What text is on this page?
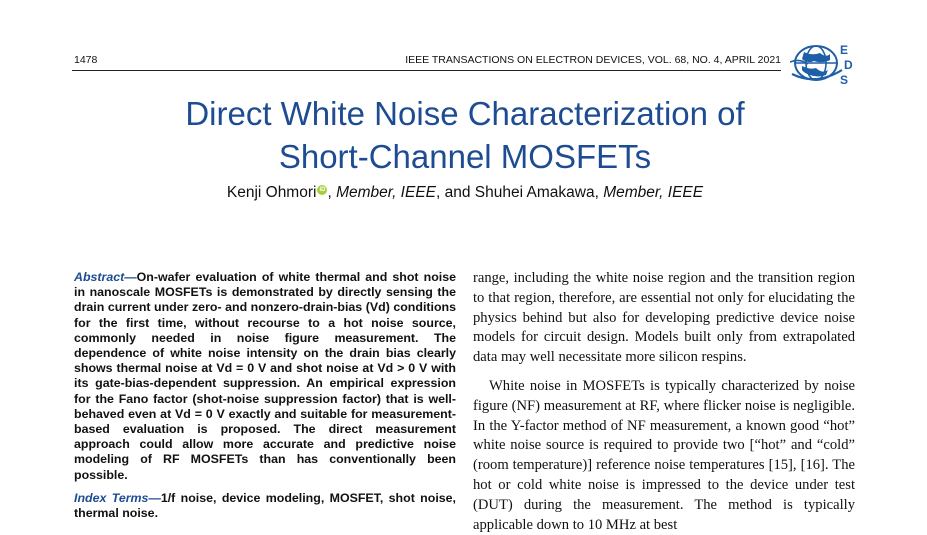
1478	IEEE TRANSACTIONS ON ELECTRON DEVICES, VOL. 68, NO. 4, APRIL 2021
E
D
S
Direct White Noise Characterization of
Short-Channel MOSFETs
Kenji Ohmori iD , Member, IEEE, and Shuhei Amakawa, Member, IEEE

Abstract—On-wafer evaluation of white thermal and shot noise in nanoscale MOSFETs is demonstrated by directly sensing the drain current under zero- and nonzero-drain-bias (Vd) conditions for the first time, without recourse to a hot noise source, commonly needed in noise figure measurement. The dependence of white noise intensity on the drain bias clearly shows thermal noise at Vd = 0 V and shot noise at Vd > 0 V with its gate-bias-dependent suppression. An empirical expression for the Fano factor (shot-noise suppression factor) that is well-behaved even at Vd = 0 V exactly and suitable for measurement-based evaluation is proposed. The direct measurement approach could allow more accurate and predictive noise modeling of RF MOSFETs than has conventionally been possible.

Index Terms—1/f noise, device modeling, MOSFET, shot noise, thermal noise.

range, including the white noise region and the transition region to that region, therefore, are essential not only for elucidating the physics behind but also for developing predictive device noise models for circuit design. Models built only from extrapolated data may well necessitate more silicon respins.

White noise in MOSFETs is typically characterized by noise figure (NF) measurement at RF, where flicker noise is negligible. In the Y-factor method of NF measurement, a known good “hot” white noise source is required to provide two [“hot” and “cold” (room temperature)] reference noise temperatures [15], [16]. The hot or cold white noise is impressed to the device under test (DUT) during the measurement. The method is typically applicable down to 10 MHz at best
